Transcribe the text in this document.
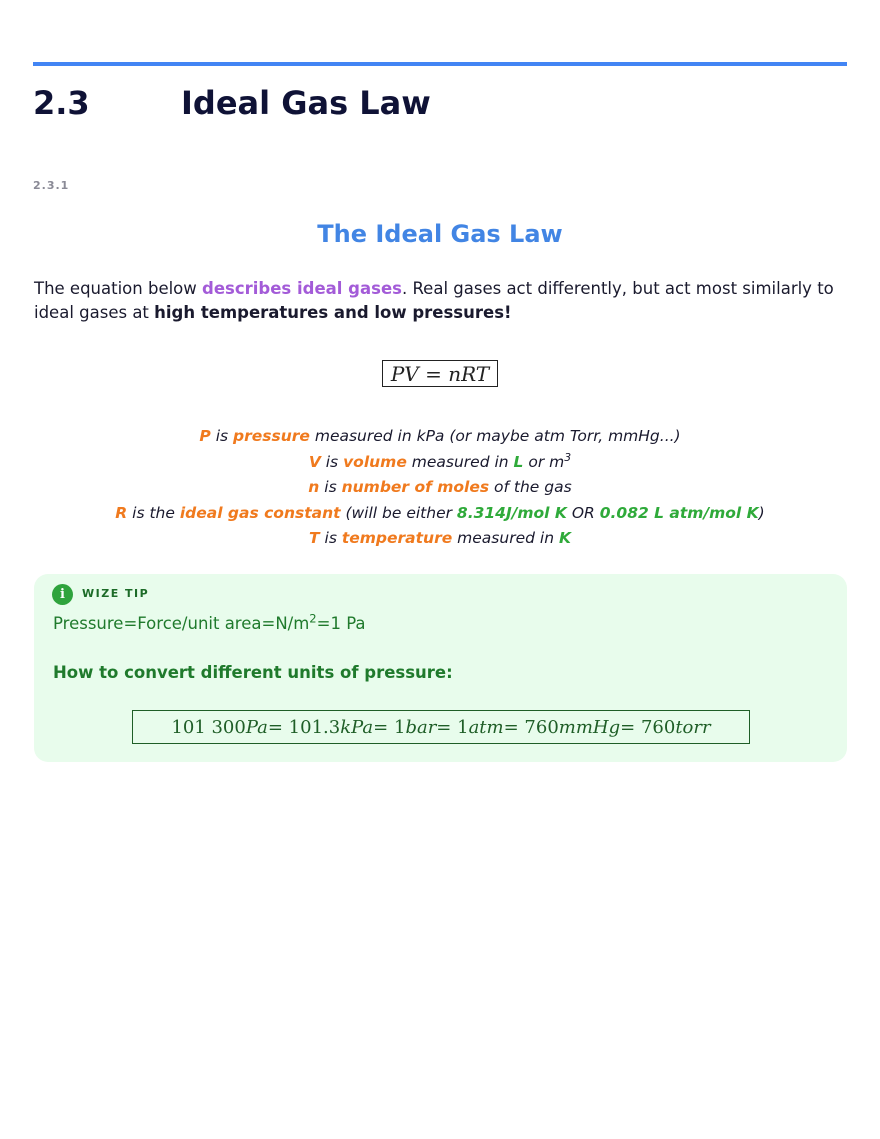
2.3	Ideal Gas Law
2.3.1
The Ideal Gas Law
The equation below describes ideal gases. Real gases act differently, but act most similarly to ideal gases at high temperatures and low pressures!
PV = nRT
P is pressure measured in kPa (or maybe atm Torr, mmHg...)
V is volume measured in L or $m^3$
n is number of moles of the gas
R is the ideal gas constant (will be either 8.314J/mol K OR 0.082 L atm/mol K)
T is temperature measured in K
i	WIZE TIP
Pressure=Force/unit $area=N/m^2=1$ Pa
How to convert different units of pressure:
101 300 Pa = 101.3 kPa = 1 bar = 1 atm = 760 mmHg = 760 torr
